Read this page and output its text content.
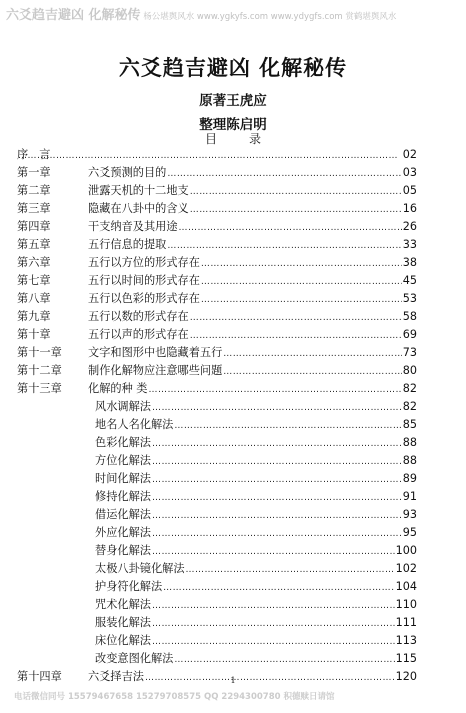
六爻趋吉避凶 化解秘传 杨公堪舆风水 www.ygkyfs.com www.ydygfs.com 赏鹤堪舆风水
六爻趋吉避凶 化解秘传
原著王虎应
整理陈启明
目录
序言 …………………………………………………………………………………………………………	02
第一章	六爻预测的目的 …………………………………………………………………………………………………………	03
第二章	泄露天机的十二地支 …………………………………………………………………………………………………………	05
第三章	隐藏在八卦中的含义 …………………………………………………………………………………………………………	16
第四章	干支纳音及其用途 …………………………………………………………………………………………………………	26
第五章	五行信息的提取 …………………………………………………………………………………………………………	33
第六章	五行以方位的形式存在 …………………………………………………………………………………………………………	38
第七章	五行以时间的形式存在 …………………………………………………………………………………………………………	45
第八章	五行以色彩的形式存在 …………………………………………………………………………………………………………	53
第九章	五行以数的形式存在 …………………………………………………………………………………………………………	58
第十章	五行以声的形式存在 …………………………………………………………………………………………………………	69
第十一章 文字和图形中也隐藏着五行 …………………………………………………………………………………………………………	73
第十二章 制作化解物应注意哪些问题 …………………………………………………………………………………………………………	80
第十三章 化解的种 类 …………………………………………………………………………………………………………	82
风水调解法 …………………………………………………………………………………………………………	82
地名人名化解法 …………………………………………………………………………………………………………	85
色彩化解法 …………………………………………………………………………………………………………	88
方位化解法 …………………………………………………………………………………………………………	88
时间化解法 …………………………………………………………………………………………………………	89
修持化解法 …………………………………………………………………………………………………………	91
借运化解法 …………………………………………………………………………………………………………	93
外应化解法 …………………………………………………………………………………………………………	95
替身化解法 …………………………………………………………………………………………………………	100
太极八卦镜化解法 …………………………………………………………………………………………………………	102
护身符化解法 …………………………………………………………………………………………………………	104
咒术化解法 …………………………………………………………………………………………………………	110
服装化解法 …………………………………………………………………………………………………………	111
床位化解法 …………………………………………………………………………………………………………	113
改变意图化解法 …………………………………………………………………………………………………………	115
第十四章 六爻择吉法 …………………………………………………………………………………………………………	120
1
电话微信同号 15579467658 15279708575 QQ 2294300780 积德赎日请馆
